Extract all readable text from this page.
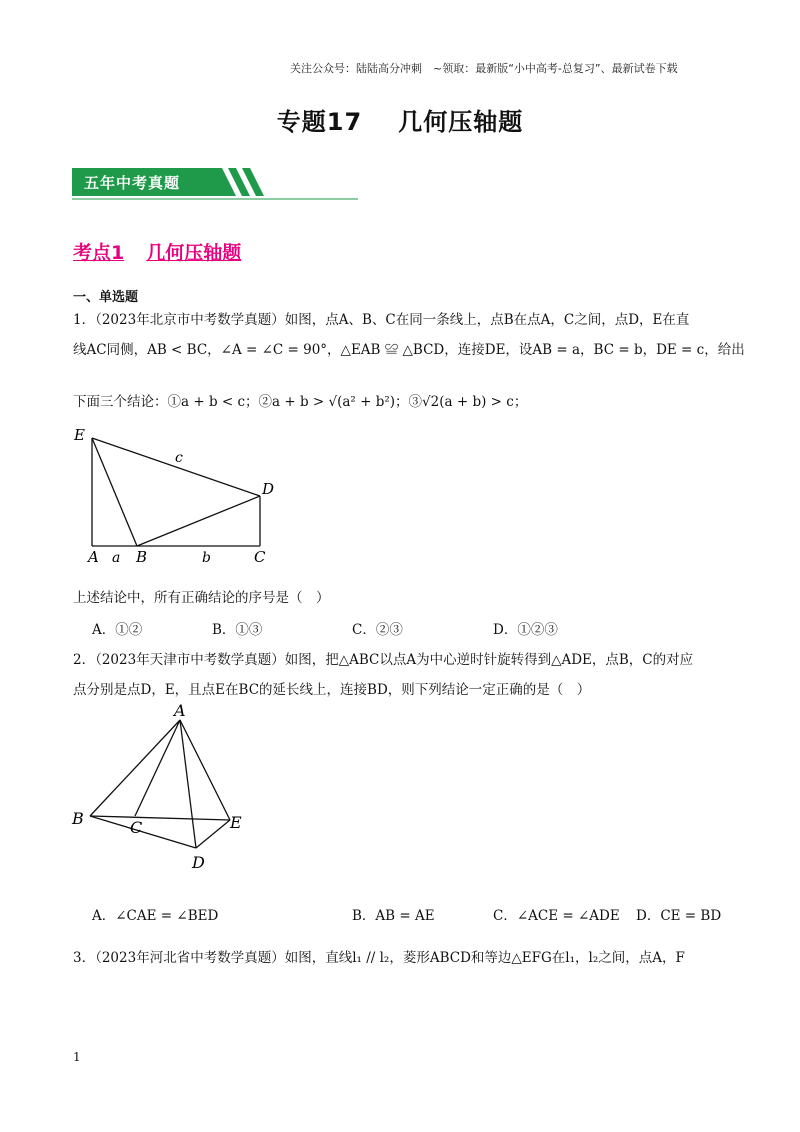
关注公众号：陆陆高分冲刺　~领取：最新版“小中高考-总复习”、最新试卷下载
专题17 几何压轴题
五年中考真题
考点1 几何压轴题
一、单选题
1．（2023年北京市中考数学真题）如图，点A、B、C在同一条线上，点B在点A，C之间，点D，E在直
线AC同侧，AB < BC，∠A = ∠C = 90°，△EAB ≌ △BCD，连接DE，设AB = a，BC = b，DE = c，给出
下面三个结论：①a + b < c；②a + b > √(a² + b²)；③√2(a + b) > c；
E
D
A B	C
a	b
c
上述结论中，所有正确结论的序号是（　）
A．①②	B．①③	C．②③	D．①②③
2．（2023年天津市中考数学真题）如图，把△ABC以点A为中心逆时针旋转得到△ADE，点B，C的对应
点分别是点D，E，且点E在BC的延长线上，连接BD，则下列结论一定正确的是（　）
A
B	C
D
E
A．∠CAE = ∠BED	B．AB = AE	C．∠ACE = ∠ADE D．CE = BD
3．（2023年河北省中考数学真题）如图，直线l₁ // l₂，菱形ABCD和等边△EFG在l₁，l₂之间，点A，F
1
